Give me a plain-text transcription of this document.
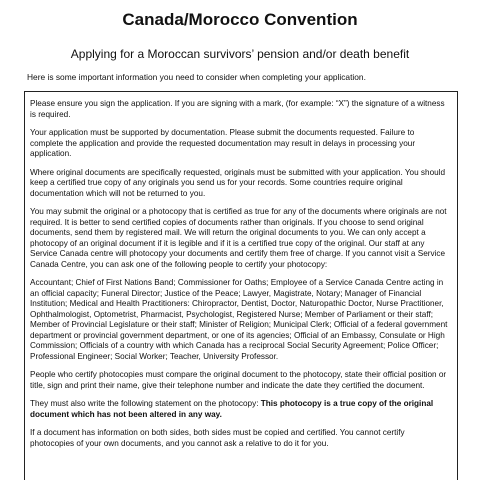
Canada/Morocco Convention
Applying for a Moroccan survivors’ pension and/or death benefit
Here is some important information you need to consider when completing your application.

Please ensure you sign the application. If you are signing with a mark, (for example: “X”) the signature of a witness is required.

Your application must be supported by documentation. Please submit the documents requested. Failure to complete the application and provide the requested documentation may result in delays in processing your application.

Where original documents are specifically requested, originals must be submitted with your application. You should keep a certified true copy of any originals you send us for your records. Some countries require original documentation which will not be returned to you.

You may submit the original or a photocopy that is certified as true for any of the documents where originals are not required. It is better to send certified copies of documents rather than originals. If you choose to send original documents, send them by registered mail. We will return the original documents to you. We can only accept a photocopy of an original document if it is legible and if it is a certified true copy of the original. Our staff at any Service Canada centre will photocopy your documents and certify them free of charge. If you cannot visit a Service Canada Centre, you can ask one of the following people to certify your photocopy:

Accountant; Chief of First Nations Band; Commissioner for Oaths; Employee of a Service Canada Centre acting in an official capacity; Funeral Director; Justice of the Peace; Lawyer, Magistrate, Notary; Manager of Financial Institution; Medical and Health Practitioners: Chiropractor, Dentist, Doctor, Naturopathic Doctor, Nurse Practitioner, Ophthalmologist, Optometrist, Pharmacist, Psychologist, Registered Nurse; Member of Parliament or their staff; Member of Provincial Legislature or their staff; Minister of Religion; Municipal Clerk; Official of a federal government department or provincial government department, or one of its agencies; Official of an Embassy, Consulate or High Commission; Officials of a country with which Canada has a reciprocal Social Security Agreement; Police Officer; Professional Engineer; Social Worker; Teacher, University Professor.

People who certify photocopies must compare the original document to the photocopy, state their official position or title, sign and print their name, give their telephone number and indicate the date they certified the document.

They must also write the following statement on the photocopy: This photocopy is a true copy of the original document which has not been altered in any way.

If a document has information on both sides, both sides must be copied and certified. You cannot certify photocopies of your own documents, and you cannot ask a relative to do it for you.
